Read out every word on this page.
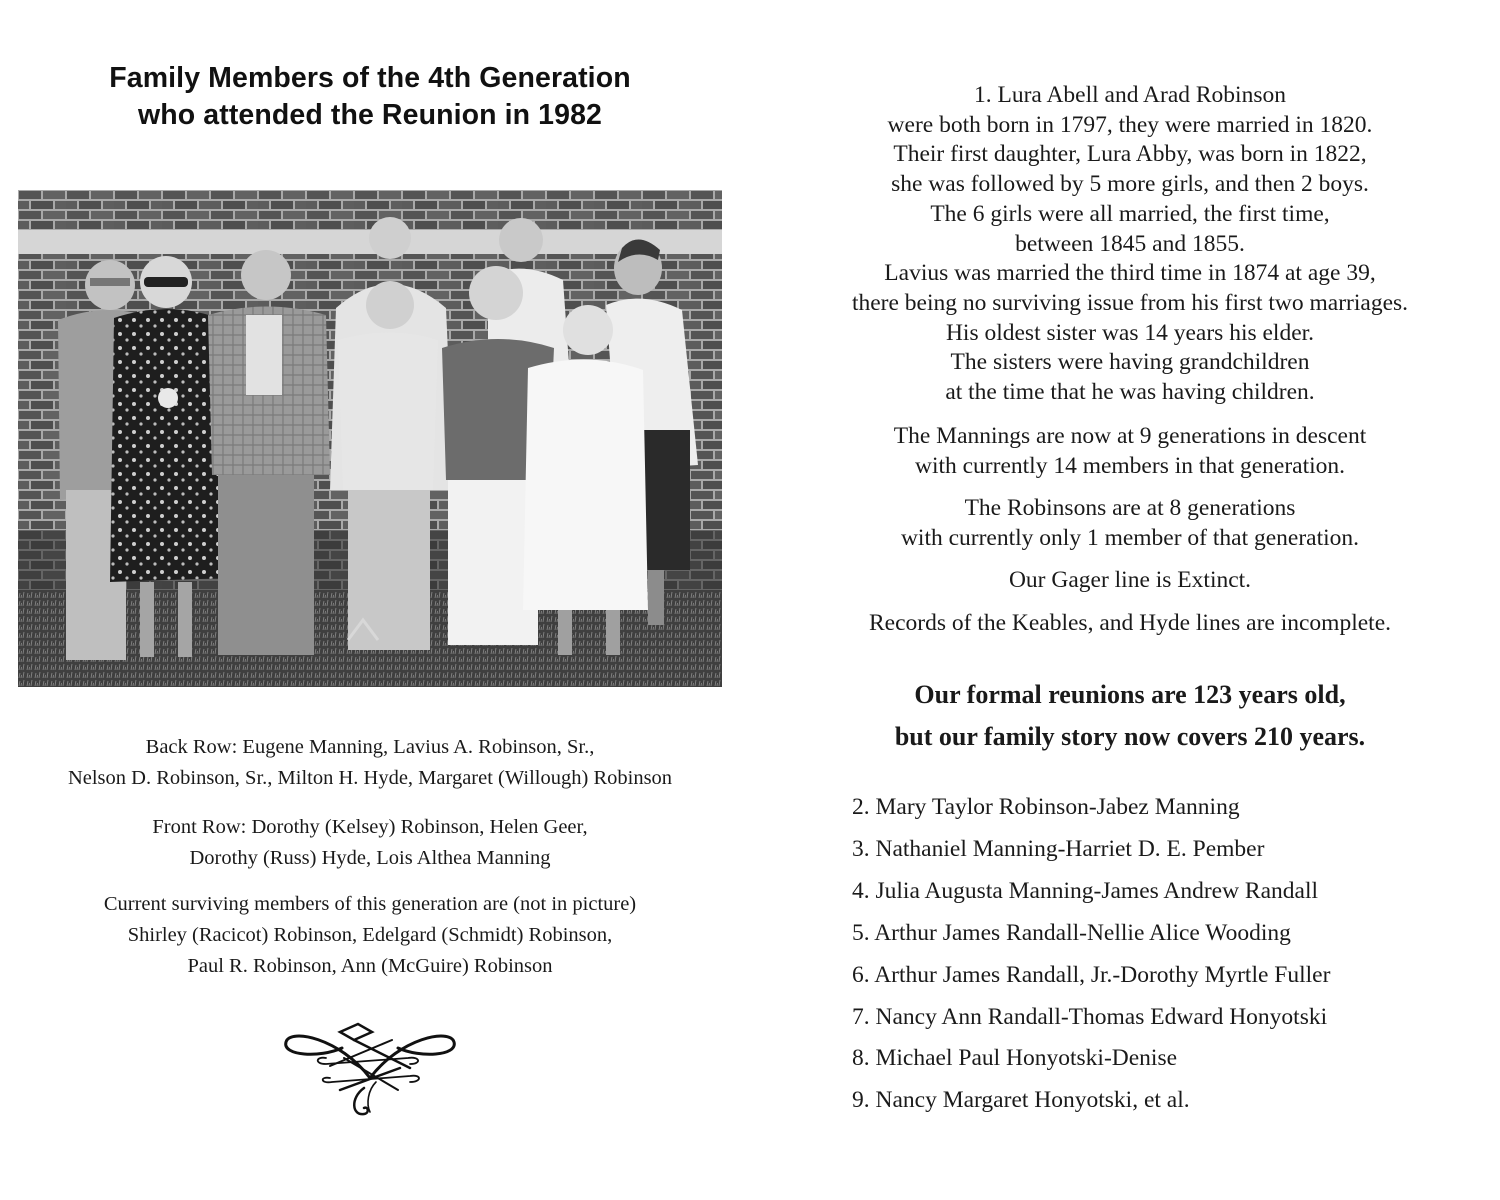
Family Members of the 4th Generation
who attended the Reunion in 1982
Back Row: Eugene Manning, Lavius A. Robinson, Sr.,
Nelson D. Robinson, Sr., Milton H. Hyde, Margaret (Willough) Robinson
Front Row: Dorothy (Kelsey) Robinson, Helen Geer,
Dorothy (Russ) Hyde, Lois Althea Manning
Current surviving members of this generation are (not in picture)
Shirley (Racicot) Robinson, Edelgard (Schmidt) Robinson,
Paul R. Robinson, Ann (McGuire) Robinson
1. Lura Abell and Arad Robinson
were both born in 1797, they were married in 1820.
Their first daughter, Lura Abby, was born in 1822,
she was followed by 5 more girls, and then 2 boys.
The 6 girls were all married, the first time,
between 1845 and 1855.
Lavius was married the third time in 1874 at age 39,
there being no surviving issue from his first two marriages.
His oldest sister was 14 years his elder.
The sisters were having grandchildren
at the time that he was having children.
The Mannings are now at 9 generations in descent
with currently 14 members in that generation.
The Robinsons are at 8 generations
with currently only 1 member of that generation.
Our Gager line is Extinct.
Records of the Keables, and Hyde lines are incomplete.
Our formal reunions are 123 years old,
but our family story now covers 210 years.
2. Mary Taylor Robinson-Jabez Manning
3. Nathaniel Manning-Harriet D. E. Pember
4. Julia Augusta Manning-James Andrew Randall
5. Arthur James Randall-Nellie Alice Wooding
6. Arthur James Randall, Jr.-Dorothy Myrtle Fuller
7. Nancy Ann Randall-Thomas Edward Honyotski
8. Michael Paul Honyotski-Denise
9. Nancy Margaret Honyotski, et al.
